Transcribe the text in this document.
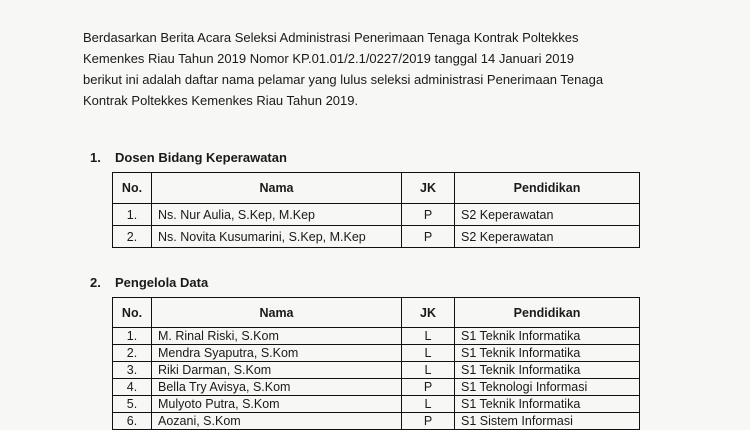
Berdasarkan Berita Acara Seleksi Administrasi Penerimaan Tenaga Kontrak Poltekkes

Kemenkes Riau Tahun 2019 Nomor KP.01.01/2.1/0227/2019 tanggal 14 Januari 2019

berikut ini adalah daftar nama pelamar yang lulus seleksi administrasi Penerimaan Tenaga

Kontrak Poltekkes Kemenkes Riau Tahun 2019.

1. Dosen Bidang Keperawatan
No.	Nama	JK	Pendidikan
1.	Ns. Nur Aulia, S.Kep, M.Kep	P	S2 Keperawatan
2.	Ns. Novita Kusumarini, S.Kep, M.Kep	P	S2 Keperawatan
2. Pengelola Data
No.	Nama	JK	Pendidikan
1.	M. Rinal Riski, S.Kom	L	S1 Teknik Informatika
2.	Mendra Syaputra, S.Kom	L	S1 Teknik Informatika
3.	Riki Darman, S.Kom	L	S1 Teknik Informatika
4.	Bella Try Avisya, S.Kom	P	S1 Teknologi Informasi
5.	Mulyoto Putra, S.Kom	L	S1 Teknik Informatika
6.	Aozani, S.Kom	P	S1 Sistem Informasi
